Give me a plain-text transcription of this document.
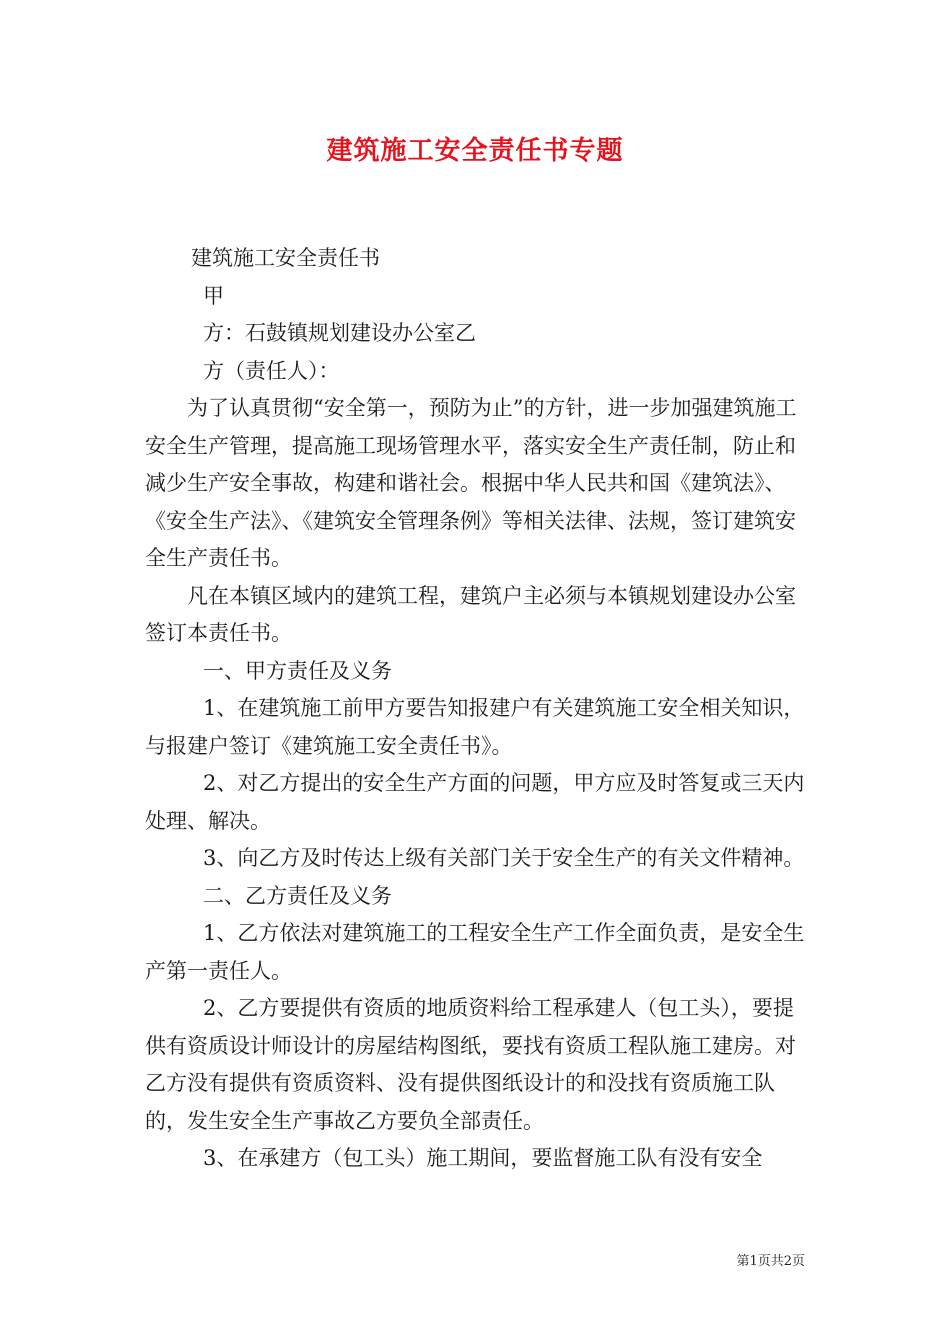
建筑施工安全责任书专题

建筑施工安全责任书

甲

方：石鼓镇规划建设办公室乙

方（责任人）：

为了认真贯彻“安全第一，预防为止”的方针，进一步加强建筑施工安全生产管理，提高施工现场管理水平，落实安全生产责任制，防止和减少生产安全事故，构建和谐社会。根据中华人民共和国《建筑法》、《安全生产法》、《建筑安全管理条例》等相关法律、法规，签订建筑安全生产责任书。

凡在本镇区域内的建筑工程，建筑户主必须与本镇规划建设办公室签订本责任书。

一、甲方责任及义务

1、在建筑施工前甲方要告知报建户有关建筑施工安全相关知识，与报建户签订《建筑施工安全责任书》。

2、对乙方提出的安全生产方面的问题，甲方应及时答复或三天内处理、解决。

3、向乙方及时传达上级有关部门关于安全生产的有关文件精神。

二、乙方责任及义务

1、乙方依法对建筑施工的工程安全生产工作全面负责，是安全生产第一责任人。

2、乙方要提供有资质的地质资料给工程承建人（包工头），要提供有资质设计师设计的房屋结构图纸，要找有资质工程队施工建房。对乙方没有提供有资质资料、没有提供图纸设计的和没找有资质施工队的，发生安全生产事故乙方要负全部责任。

3、在承建方（包工头）施工期间，要监督施工队有没有安全

第1页共2页
